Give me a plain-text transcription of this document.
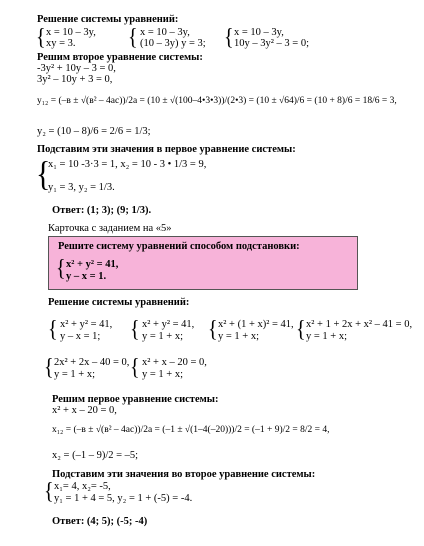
Решение системы уравнений:
{ x = 10 – 3y,
xy = 3.	{ x = 10 – 3y,
(10 – 3y) y = 3; { x = 10 – 3y,
10y – 3y² – 3 = 0;
Решим второе уравнение системы:
-3y² + 10y – 3 = 0,
3y² – 10y + 3 = 0,
y₁₂ = (–в ± √(в² – 4ас))/2а = (10 ± √(100–4•3•3))/(2•3) = (10 ± √64)/6 = (10 + 8)/6 = 18/6 = 3,
y₂ = (10 – 8)/6 = 2/6 = 1/3;
Подставим эти значения в первое уравнение системы:
{
x₁ = 10 -3·3 = 1, x₂ = 10 - 3 • 1/3 = 9,
y₁ = 3, y₂ = 1/3.
Ответ: (1; 3); (9; 1/3).
Карточка с заданием на «5»
Решите систему уравнений способом подстановки:
{ x² + y² = 41,
y – x = 1.
Решение системы уравнений:
{ x² + y² = 41,
y – x = 1; { x² + y² = 41,
y = 1 + x; { x² + (1 + x)² = 41,
y = 1 + x; { x² + 1 + 2x + x² – 41 = 0,
y = 1 + x;
{ 2x² + 2x – 40 = 0,
y = 1 + x; { x² + x – 20 = 0,
y = 1 + x;
Решим первое уравнение системы:
x² + x – 20 = 0,
x₁₂ = (–в ± √(в² – 4ас))/2а = (–1 ± √(1–4(–20)))/2 = (–1 + 9)/2 = 8/2 = 4,
x₂ = (–1 – 9)/2 = –5;
Подставим эти значения во второе уравнение системы:
{ x₁= 4, x₂= -5,
y₁ = 1 + 4 = 5, y₂ = 1 + (-5) = -4.
Ответ: (4; 5); (-5; -4)
